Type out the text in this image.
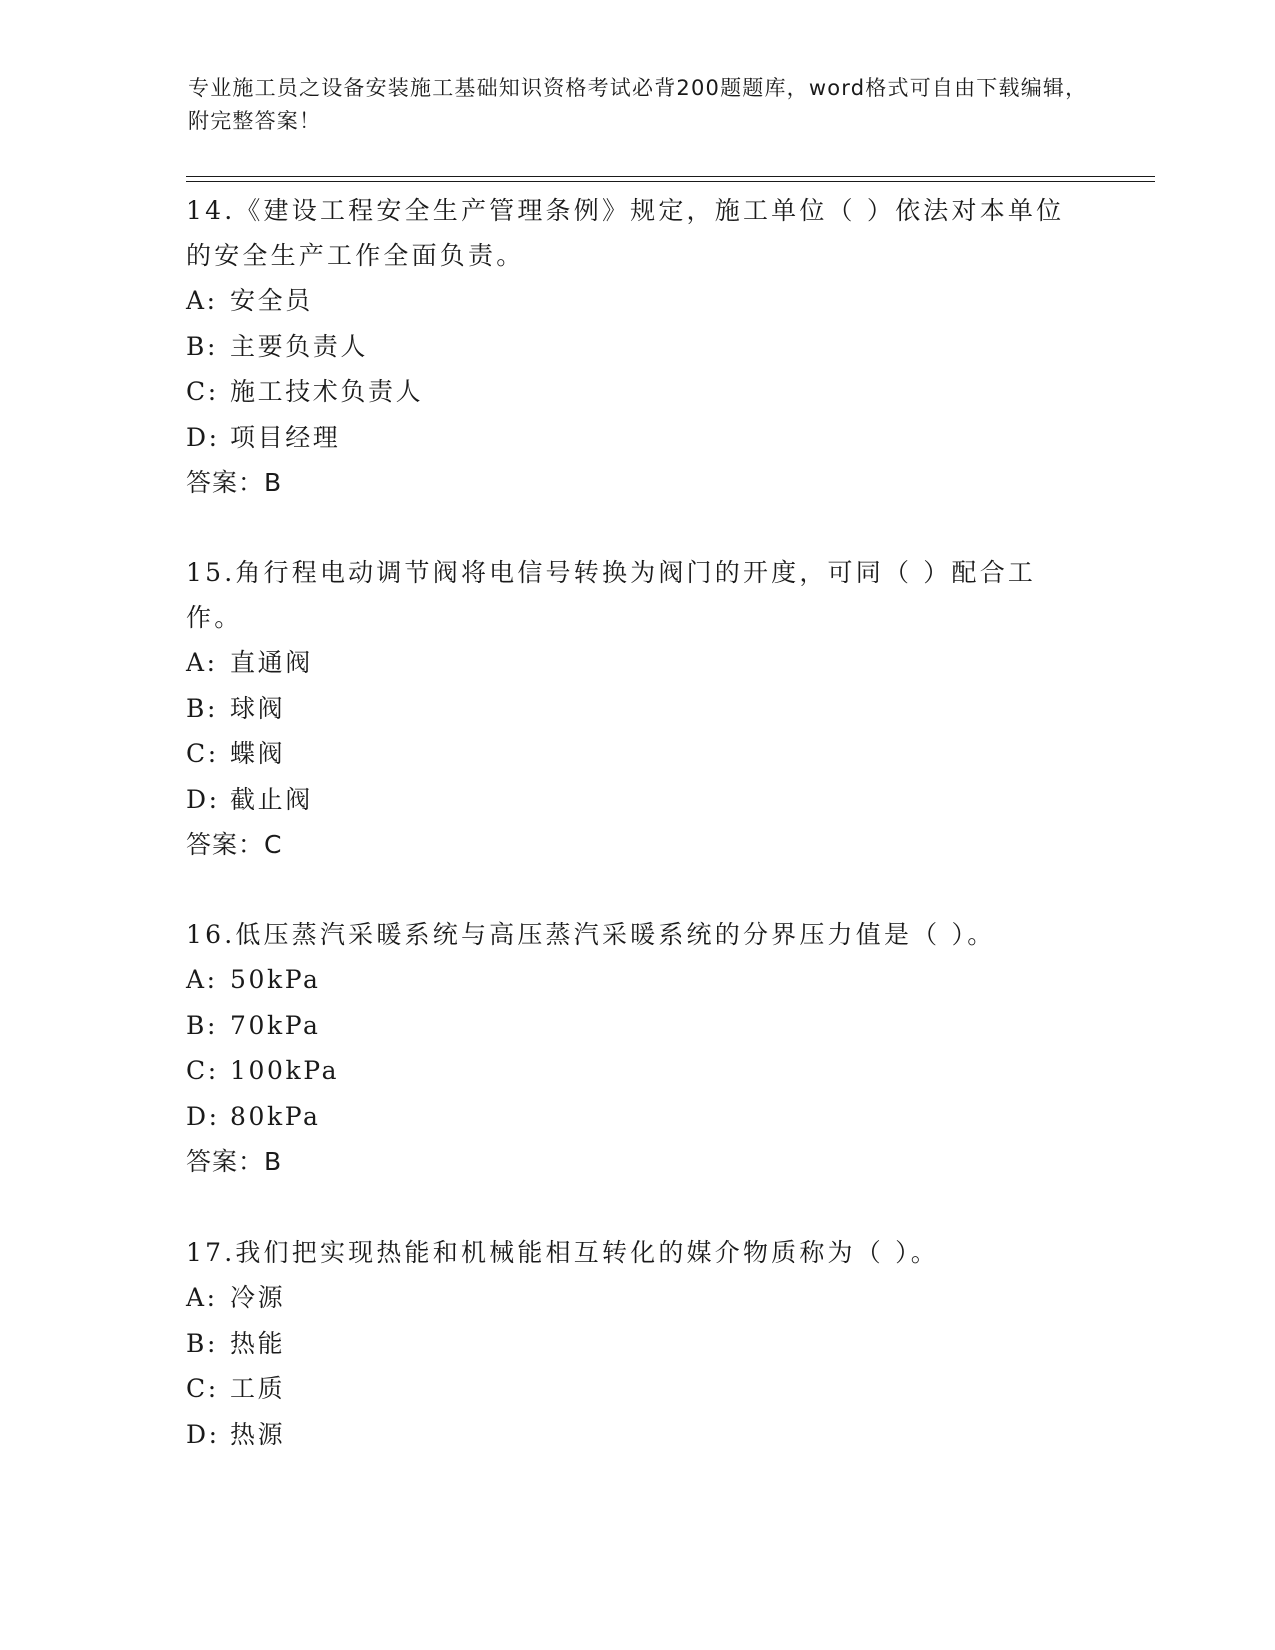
专业施工员之设备安装施工基础知识资格考试必背200题题库，word格式可自由下载编辑，附完整答案！

14.《建设工程安全生产管理条例》规定，施工单位（ ）依法对本单位的安全生产工作全面负责。

A: 安全员
B: 主要负责人
C: 施工技术负责人
D: 项目经理
答案：B

15.角行程电动调节阀将电信号转换为阀门的开度，可同（ ）配合工作。

A: 直通阀
B: 球阀
C: 蝶阀
D: 截止阀
答案：C

16.低压蒸汽采暖系统与高压蒸汽采暖系统的分界压力值是（ ）。

A: 50kPa
B: 70kPa
C: 100kPa
D: 80kPa
答案：B

17.我们把实现热能和机械能相互转化的媒介物质称为（ ）。

A: 冷源
B: 热能
C: 工质
D: 热源
